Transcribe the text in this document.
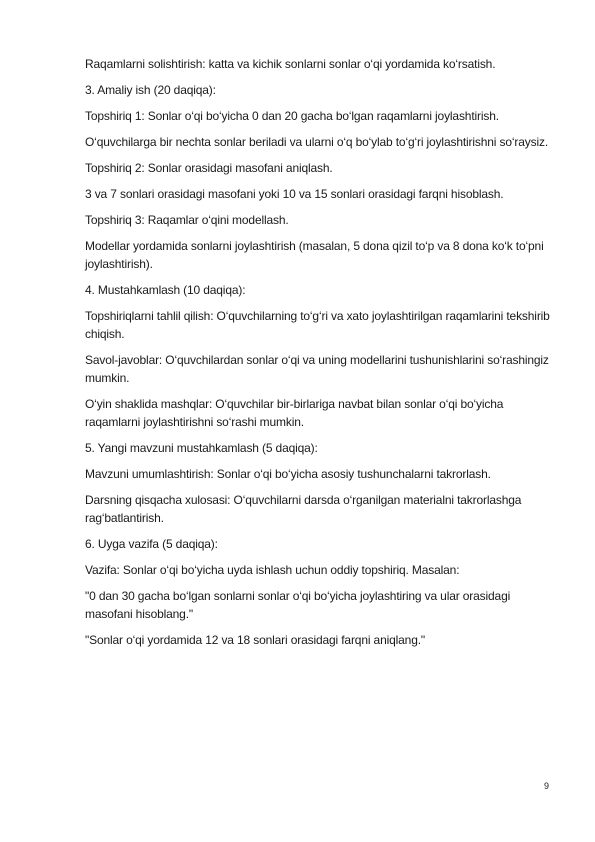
Raqamlarni solishtirish: katta va kichik sonlarni sonlar o‘qi yordamida ko‘rsatish.

3. Amaliy ish (20 daqiqa):

Topshiriq 1: Sonlar o‘qi bo‘yicha 0 dan 20 gacha bo‘lgan raqamlarni joylashtirish.

O‘quvchilarga bir nechta sonlar beriladi va ularni o‘q bo‘ylab to‘g‘ri joylashtirishni so‘raysiz.

Topshiriq 2: Sonlar orasidagi masofani aniqlash.

3 va 7 sonlari orasidagi masofani yoki 10 va 15 sonlari orasidagi farqni hisoblash.

Topshiriq 3: Raqamlar o‘qini modellash.

Modellar yordamida sonlarni joylashtirish (masalan, 5 dona qizil to‘p va 8 dona ko‘k to‘pni joylashtirish).

4. Mustahkamlash (10 daqiqa):

Topshiriqlarni tahlil qilish: O‘quvchilarning to‘g‘ri va xato joylashtirilgan raqamlarini tekshirib chiqish.

Savol-javoblar: O‘quvchilardan sonlar o‘qi va uning modellarini tushunishlarini so‘rashingiz mumkin.

O‘yin shaklida mashqlar: O‘quvchilar bir-birlariga navbat bilan sonlar o‘qi bo‘yicha raqamlarni joylashtirishni so‘rashi mumkin.

5. Yangi mavzuni mustahkamlash (5 daqiqa):

Mavzuni umumlashtirish: Sonlar o‘qi bo‘yicha asosiy tushunchalarni takrorlash.

Darsning qisqacha xulosasi: O‘quvchilarni darsda o‘rganilgan materialni takrorlashga rag‘batlantirish.

6. Uyga vazifa (5 daqiqa):

Vazifa: Sonlar o‘qi bo‘yicha uyda ishlash uchun oddiy topshiriq. Masalan:

"0 dan 30 gacha bo‘lgan sonlarni sonlar o‘qi bo‘yicha joylashtiring va ular orasidagi masofani hisoblang."

"Sonlar o‘qi yordamida 12 va 18 sonlari orasidagi farqni aniqlang."

9
